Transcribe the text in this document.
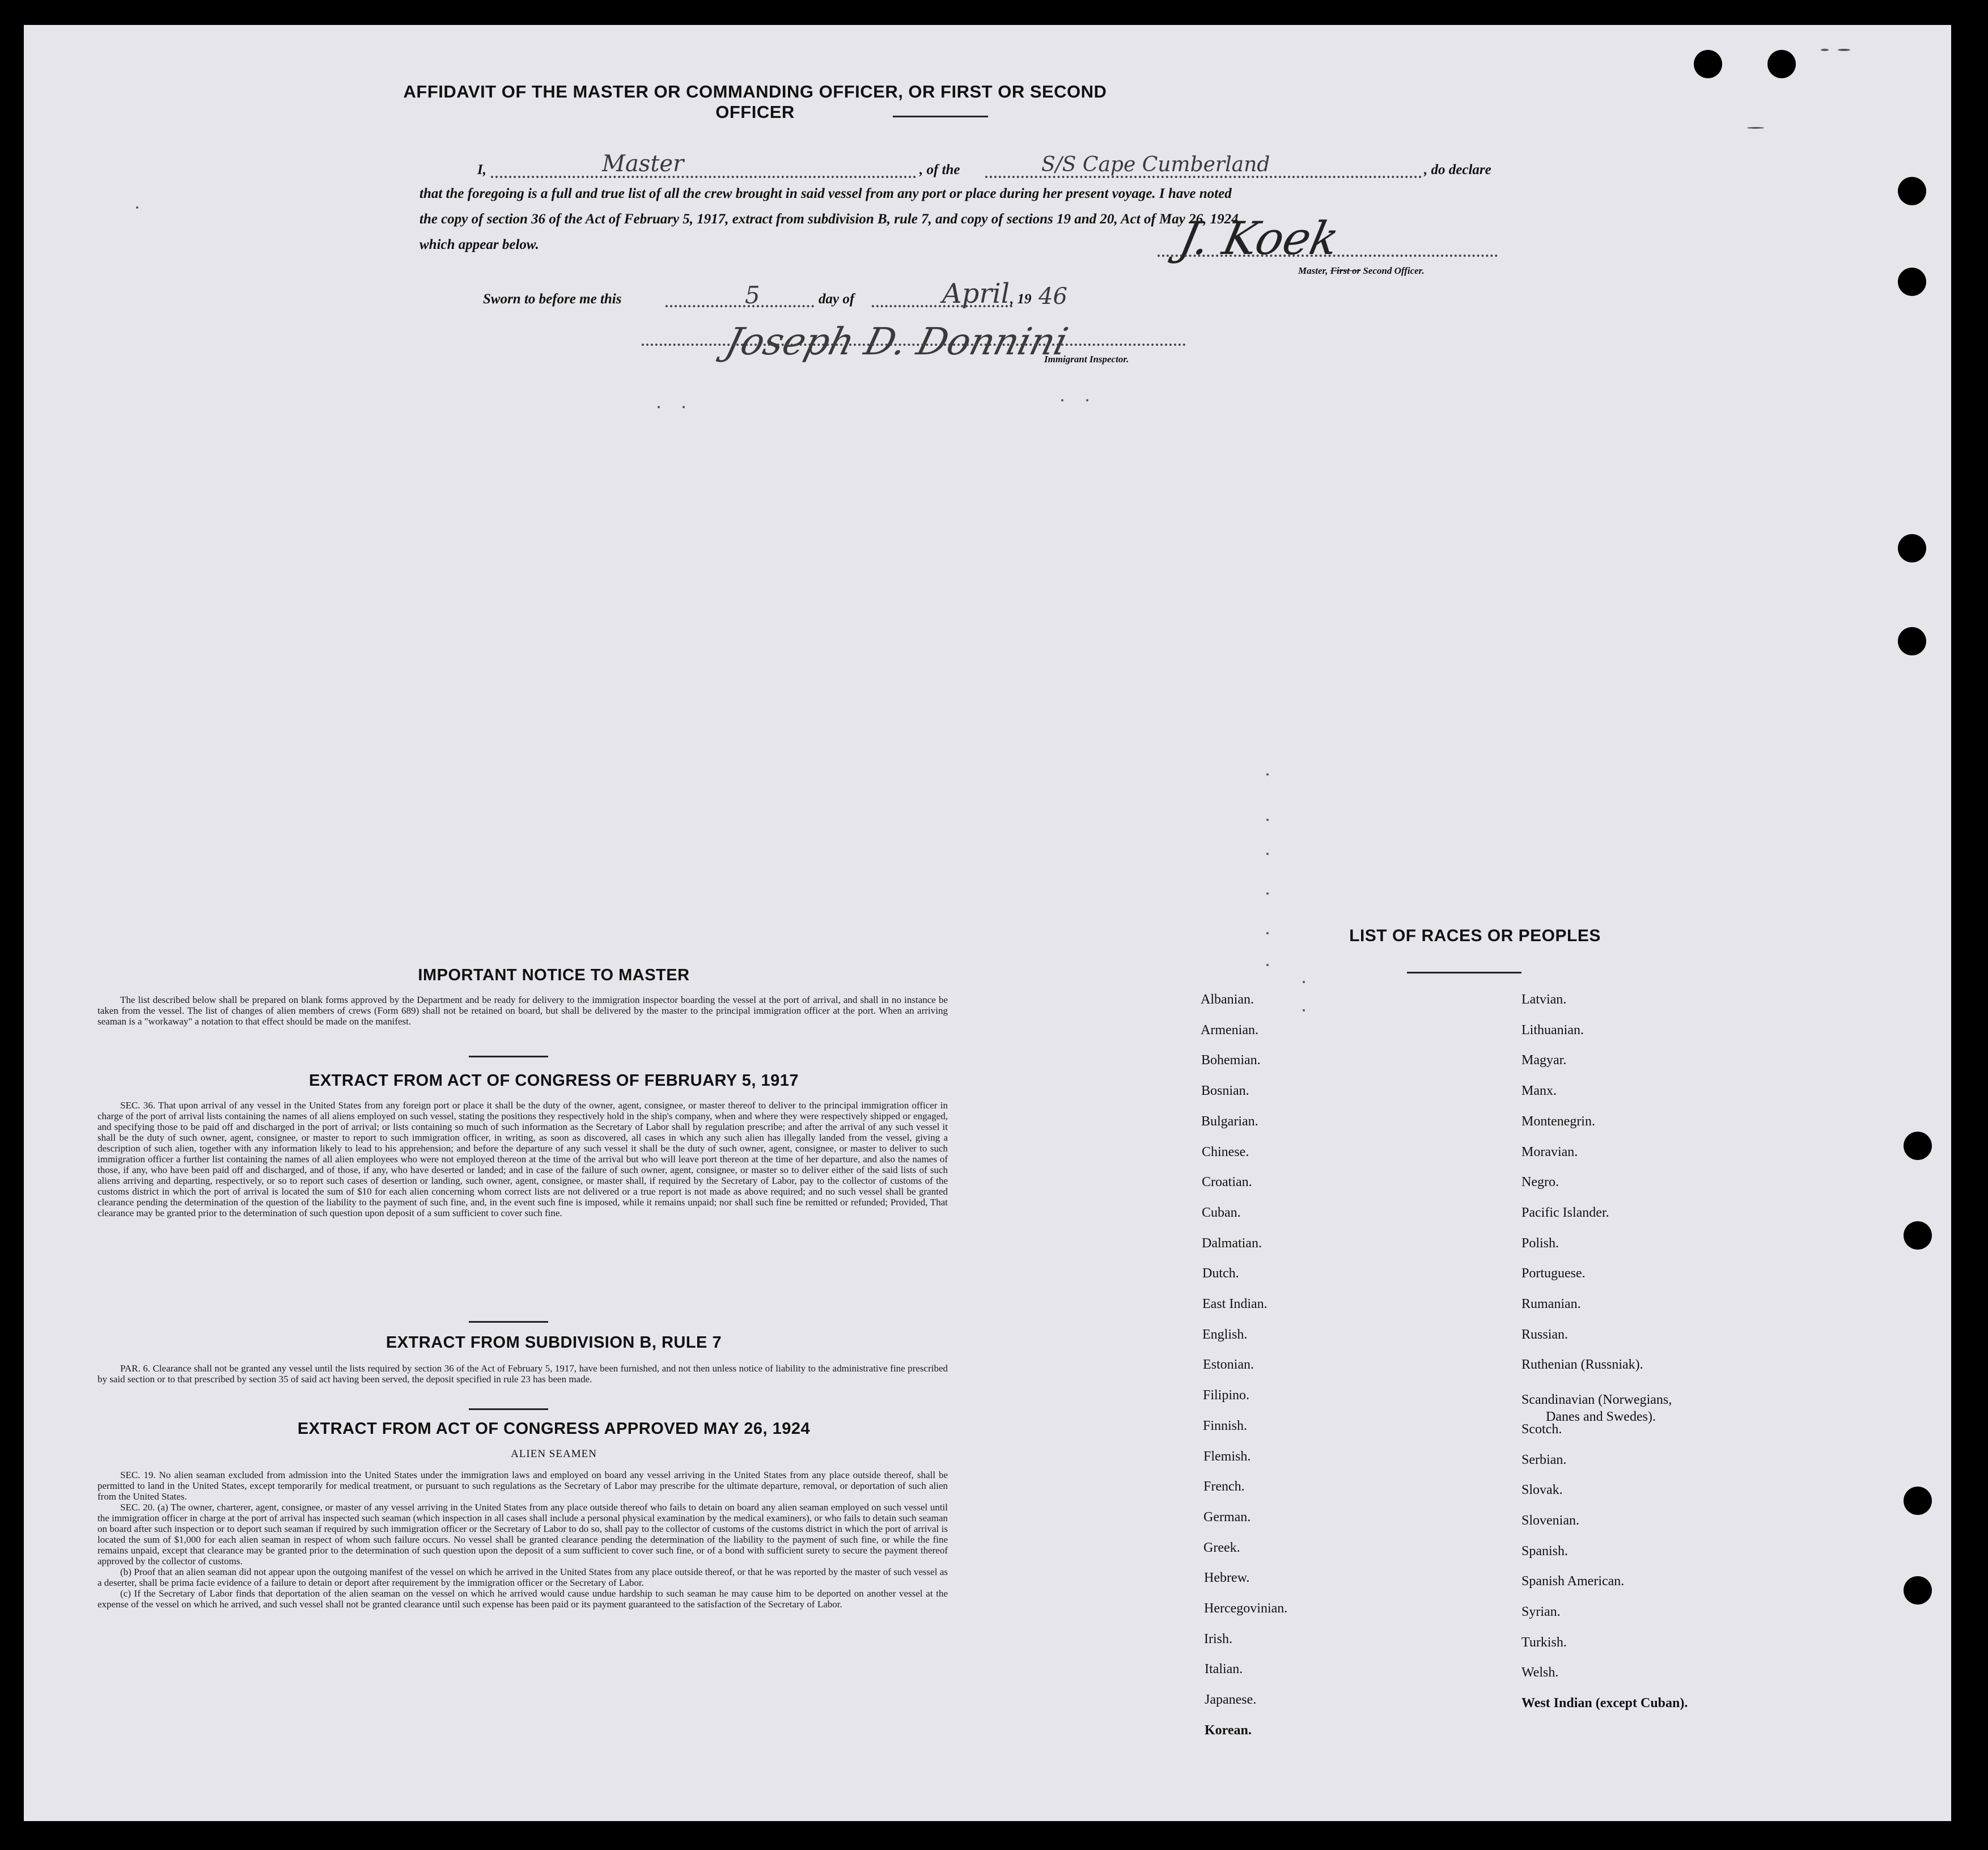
AFFIDAVIT OF THE MASTER OR COMMANDING OFFICER, OR FIRST OR SECOND OFFICER
I,	, of the	, do declare
Master	S/S Cape Cumberland
that the foregoing is a full and true list of all the crew brought in said vessel from any port or place during her present voyage. I have noted
the copy of section 36 of the Act of February 5, 1917, extract from subdivision B, rule 7, and copy of sections 19 and 20, Act of May 26, 1924,
which appear below.	J. Koek
Master, First or Second Officer.
Sworn to before me this	day of	, 19
5	April 46
Joseph D. Donnini
Immigrant Inspector.
IMPORTANT NOTICE TO MASTER

The list described below shall be prepared on blank forms approved by the Department and be ready for delivery to the immigration inspector boarding the vessel at the port of arrival, and shall in no instance be taken from the vessel. The list of changes of alien members of crews (Form 689) shall not be retained on board, but shall be delivered by the master to the principal immigration officer at the port. When an arriving seaman is a "workaway" a notation to that effect should be made on the manifest.

EXTRACT FROM ACT OF CONGRESS OF FEBRUARY 5, 1917

SEC. 36. That upon arrival of any vessel in the United States from any foreign port or place it shall be the duty of the owner, agent, consignee, or master thereof to deliver to the principal immigration officer in charge of the port of arrival lists containing the names of all aliens employed on such vessel, stating the positions they respectively hold in the ship's company, when and where they were respectively shipped or engaged, and specifying those to be paid off and discharged in the port of arrival; or lists containing so much of such information as the Secretary of Labor shall by regulation prescribe; and after the arrival of any such vessel it shall be the duty of such owner, agent, consignee, or master to report to such immigration officer, in writing, as soon as discovered, all cases in which any such alien has illegally landed from the vessel, giving a description of such alien, together with any information likely to lead to his apprehension; and before the departure of any such vessel it shall be the duty of such owner, agent, consignee, or master to deliver to such immigration officer a further list containing the names of all alien employees who were not employed thereon at the time of the arrival but who will leave port thereon at the time of her departure, and also the names of those, if any, who have been paid off and discharged, and of those, if any, who have deserted or landed; and in case of the failure of such owner, agent, consignee, or master so to deliver either of the said lists of such aliens arriving and departing, respectively, or so to report such cases of desertion or landing, such owner, agent, consignee, or master shall, if required by the Secretary of Labor, pay to the collector of customs of the customs district in which the port of arrival is located the sum of $10 for each alien concerning whom correct lists are not delivered or a true report is not made as above required; and no such vessel shall be granted clearance pending the determination of the question of the liability to the payment of such fine, and, in the event such fine is imposed, while it remains unpaid; nor shall such fine be remitted or refunded; Provided, That clearance may be granted prior to the determination of such question upon deposit of a sum sufficient to cover such fine.

EXTRACT FROM SUBDIVISION B, RULE 7

PAR. 6. Clearance shall not be granted any vessel until the lists required by section 36 of the Act of February 5, 1917, have been furnished, and not then unless notice of liability to the administrative fine prescribed by said section or to that prescribed by section 35 of said act having been served, the deposit specified in rule 23 has been made.

EXTRACT FROM ACT OF CONGRESS APPROVED MAY 26, 1924
ALIEN SEAMEN

SEC. 19. No alien seaman excluded from admission into the United States under the immigration laws and employed on board any vessel arriving in the United States from any place outside thereof, shall be permitted to land in the United States, except temporarily for medical treatment, or pursuant to such regulations as the Secretary of Labor may prescribe for the ultimate departure, removal, or deportation of such alien from the United States.

SEC. 20. (a) The owner, charterer, agent, consignee, or master of any vessel arriving in the United States from any place outside thereof who fails to detain on board any alien seaman employed on such vessel until the immigration officer in charge at the port of arrival has inspected such seaman (which inspection in all cases shall include a personal physical examination by the medical examiners), or who fails to detain such seaman on board after such inspection or to deport such seaman if required by such immigration officer or the Secretary of Labor to do so, shall pay to the collector of customs of the customs district in which the port of arrival is located the sum of $1,000 for each alien seaman in respect of whom such failure occurs. No vessel shall be granted clearance pending the determination of the liability to the payment of such fine, or while the fine remains unpaid, except that clearance may be granted prior to the determination of such question upon the deposit of a sum sufficient to cover such fine, or of a bond with sufficient surety to secure the payment thereof approved by the collector of customs.

(b) Proof that an alien seaman did not appear upon the outgoing manifest of the vessel on which he arrived in the United States from any place outside thereof, or that he was reported by the master of such vessel as a deserter, shall be prima facie evidence of a failure to detain or deport after requirement by the immigration officer or the Secretary of Labor.

(c) If the Secretary of Labor finds that deportation of the alien seaman on the vessel on which he arrived would cause undue hardship to such seaman he may cause him to be deported on another vessel at the expense of the vessel on which he arrived, and such vessel shall not be granted clearance until such expense has been paid or its payment guaranteed to the satisfaction of the Secretary of Labor.

LIST OF RACES OR PEOPLES
Albanian.
Armenian.
Bohemian.
Bosnian.
Bulgarian.
Chinese.
Croatian.
Cuban.
Dalmatian.
Dutch.
East Indian.
English.
Estonian.
Filipino.
Finnish.
Flemish.
French.
German.
Greek.
Hebrew.
Hercegovinian.
Irish.
Italian.
Japanese.
Korean.
Latvian.
Lithuanian.
Magyar.
Manx.
Montenegrin.
Moravian.
Negro.
Pacific Islander.
Polish.
Portuguese.
Rumanian.
Russian.
Ruthenian (Russniak).
Scandinavian (Norwegians,
Danes and Swedes).
Scotch.
Serbian.
Slovak.
Slovenian.
Spanish.
Spanish American.
Syrian.
Turkish.
Welsh.
West Indian (except Cuban).
